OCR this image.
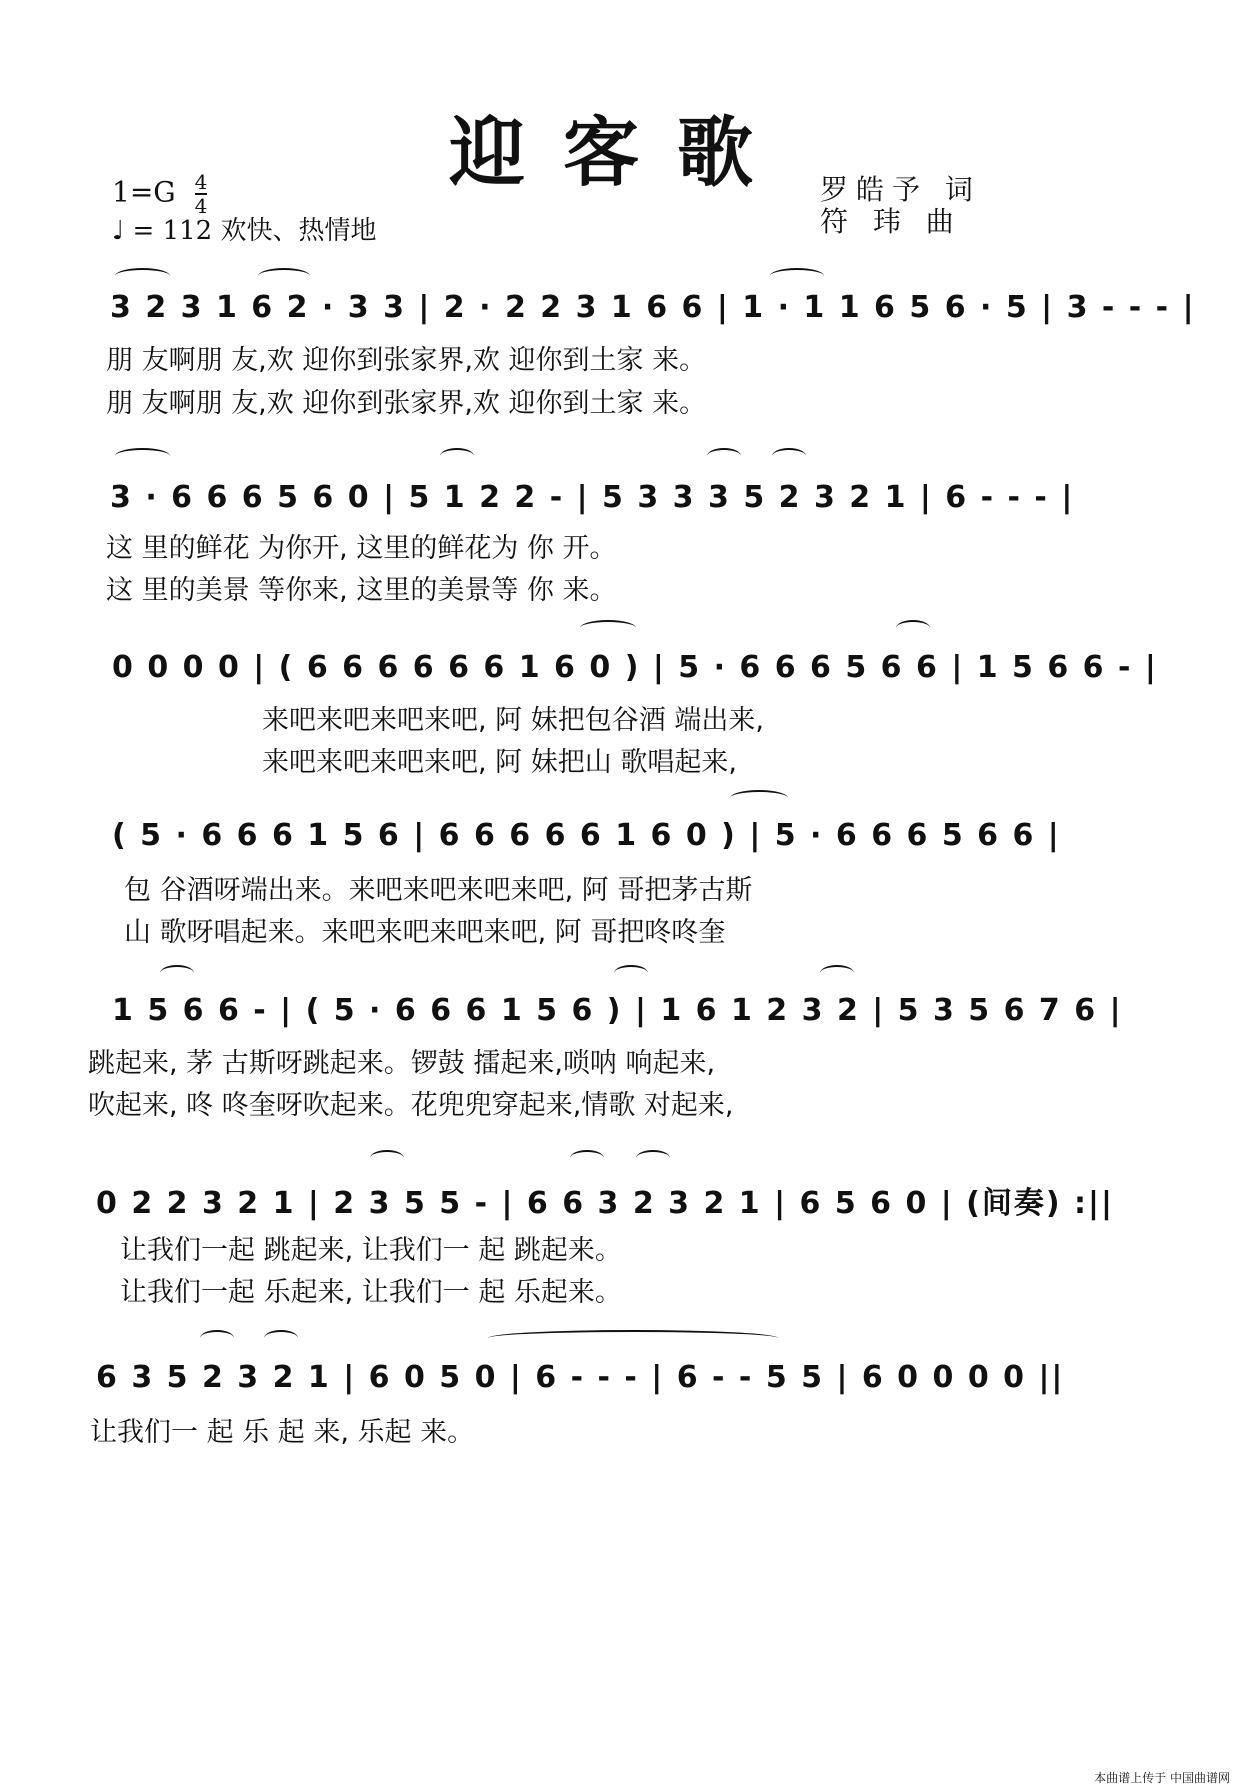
迎客歌
$1=G \frac{4}{4}$
♩ = 112 欢快、热情地
罗皓予 词
符 玮 曲
3 2 3 1 6 2 · 3 3 | 2 · 2 2 3 1 6 6 | 1 · 1 1 6 5 6 · 5 | 3 - - - |
朋 友啊朋 友,欢 迎你到张家界,欢 迎你到土家 来。
朋 友啊朋 友,欢 迎你到张家界,欢 迎你到土家 来。
3 · 6 6 6 5 6 0 | 5 1 2 2 - | 5 3 3 3 5 2 3 2 1 | 6 - - - |
这 里的鲜花 为你开, 这里的鲜花为 你 开。
这 里的美景 等你来, 这里的美景等 你 来。
0 0 0 0 | ( 6 6 6 6 6 6 1 6 0 ) | 5 · 6 6 6 5 6 6 | 1 5 6 6 - |
来吧来吧来吧来吧, 阿 妹把包谷酒 端出来,
来吧来吧来吧来吧, 阿 妹把山 歌唱起来,
( 5 · 6 6 6 1 5 6 | 6 6 6 6 6 1 6 0 ) | 5 · 6 6 6 5 6 6 |
包 谷酒呀端出来。来吧来吧来吧来吧, 阿 哥把茅古斯
山 歌呀唱起来。来吧来吧来吧来吧, 阿 哥把咚咚奎
1 5 6 6 - | ( 5 · 6 6 6 1 5 6 ) | 1 6 1 2 3 2 | 5 3 5 6 7 6 |
跳起来, 茅 古斯呀跳起来。锣鼓 擂起来,唢呐 响起来,
吹起来, 咚 咚奎呀吹起来。花兜兜穿起来,情歌 对起来,
0 2 2 3 2 1 | 2 3 5 5 - | 6 6 3 2 3 2 1 | 6 5 6 0 | (间奏) :||
让我们一起 跳起来, 让我们一 起 跳起来。
让我们一起 乐起来, 让我们一 起 乐起来。
6 3 5 2 3 2 1 | 6 0 5 0 | 6 - - - | 6 - - 5 5 | 6 0 0 0 0 ||
让我们一 起 乐 起 来, 乐起 来。
本曲谱上传于 中国曲谱网
